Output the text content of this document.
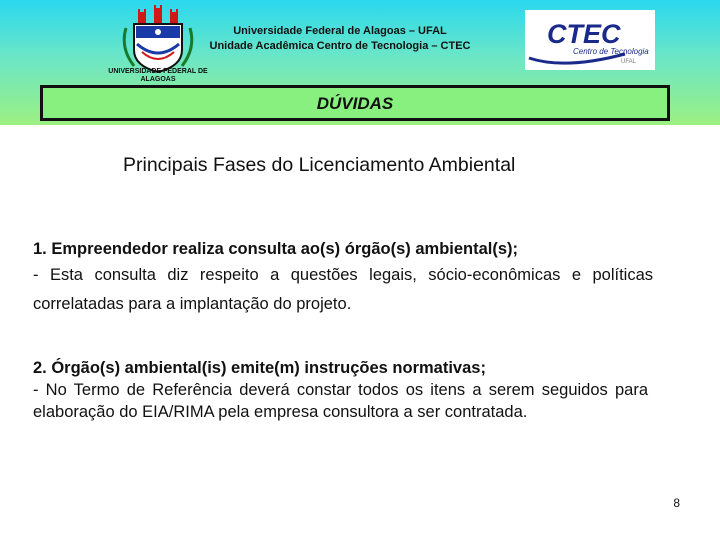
UNIVERSIDADE FEDERAL DE ALAGOAS
Universidade Federal de Alagoas – UFAL
Unidade Acadêmica Centro de Tecnologia – CTEC	CTEC
Centro de Tecnologia
UFAL
DÚVIDAS
Principais Fases do Licenciamento Ambiental
1. Empreendedor realiza consulta ao(s) órgão(s) ambiental(s);
- Esta consulta diz respeito a questões legais, sócio-econômicas e políticas correlatadas para a implantação do projeto.
2. Órgão(s) ambiental(is) emite(m) instruções normativas;
- No Termo de Referência deverá constar todos os itens a serem seguidos para elaboração do EIA/RIMA pela empresa consultora a ser contratada.
8
